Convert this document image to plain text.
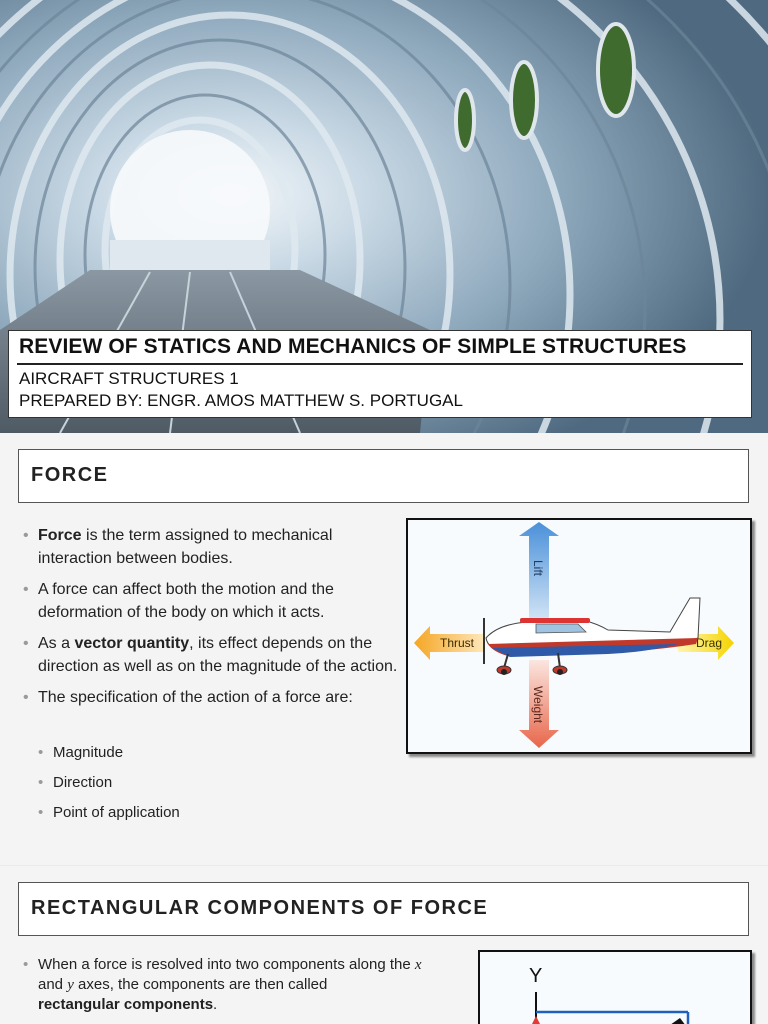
REVIEW OF STATICS AND MECHANICS OF SIMPLE STRUCTURES
AIRCRAFT STRUCTURES 1
PREPARED BY: ENGR. AMOS MATTHEW S. PORTUGAL
FORCE
• Force is the term assigned to mechanical interaction between bodies.
• A force can affect both the motion and the deformation of the body on which it acts.
• As a vector quantity, its effect depends on the direction as well as on the magnitude of the action.
• The specification of the action of a force are:
• Magnitude
• Direction
• Point of application
Lift
Weight
Thrust	Drag
RECTANGULAR COMPONENTS OF FORCE
• When a force is resolved into two components along the x and y axes, the components are then called
rectangular components.
Y
